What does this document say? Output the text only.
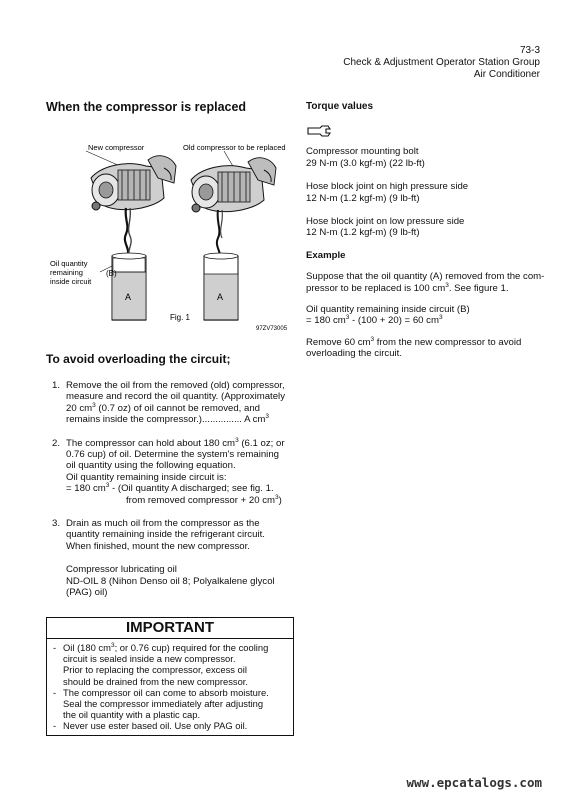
73-3
Check & Adjustment Operator Station Group
Air Conditioner
When the compressor is replaced
New compressor	Old compressor to be replaced
A
(B)
Oil quantity
remaining
inside circuit
A
Fig. 1
97ZV73005
To avoid overloading the circuit;
1. Remove the oil from the removed (old) compressor,
measure and record the oil quantity. (Approximately
20 $cm^3$ (0.7 oz) of oil cannot be removed, and
remains inside the compressor.)............... A $cm^3$
2. The compressor can hold about 180 $cm^3$ (6.1 oz; or
0.76 cup) of oil. Determine the system's remaining
oil quantity using the following equation.
Oil quantity remaining inside circuit is:
= 180 $cm^3 - (Oil$ quantity A discharged; see fig. 1.
from removed compressor + 20 $cm^3$)
3. Drain as much oil from the compressor as the
quantity remaining inside the refrigerant circuit.
When finished, mount the new compressor.
Compressor lubricating oil
ND-OIL 8 (Nihon Denso oil 8; Polyalkalene glycol
(PAG) oil)
IMPORTANT
- Oil (180 $cm^3$; or 0.76 cup) required for the cooling
circuit is sealed inside a new compressor.
Prior to replacing the compressor, excess oil
should be drained from the new compressor.
- The compressor oil can come to absorb moisture.
Seal the compressor immediately after adjusting
the oil quantity with a plastic cap.
- Never use ester based oil. Use only PAG oil.
Torque values
Compressor mounting bolt
29 N-m (3.0 kgf-m) (22 lb-ft)
Hose block joint on high pressure side
12 N-m (1.2 kgf-m) (9 lb-ft)
Hose block joint on low pressure side
12 N-m (1.2 kgf-m) (9 lb-ft)
Example
Suppose that the oil quantity (A) removed from the com-
pressor to be replaced is 100 $cm^3$. See figure 1.
Oil quantity remaining inside circuit (B)
= 180 $cm^3 - (100 + 20) = 60$ $cm^3$
Remove 60 $cm^3$ from the new compressor to avoid
overloading the circuit.
www.epcatalogs.com
